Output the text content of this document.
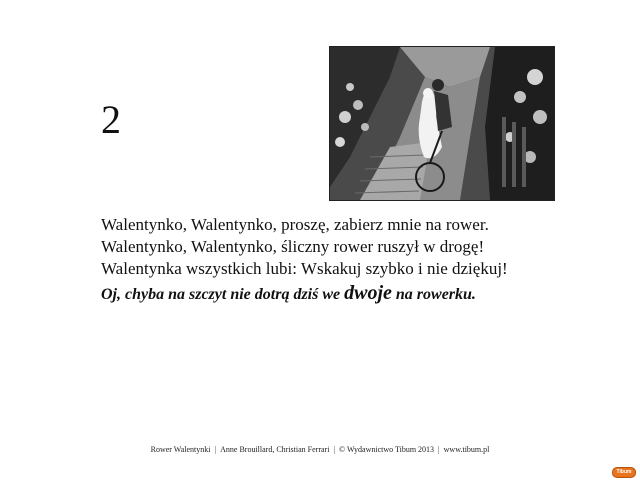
2
Walentynko, Walentynko, proszę, zabierz mnie na rower.
Walentynko, Walentynko, śliczny rower ruszył w drogę!
Walentynka wszystkich lubi: Wskakuj szybko i nie dziękuj!
Oj, chyba na szczyt nie dotrą dziś we dwoje na rowerku.
Rower Walentynki | Anne Brouillard, Christian Ferrari | © Wydawnictwo Tibum 2013 | www.tibum.pl
Tibum
